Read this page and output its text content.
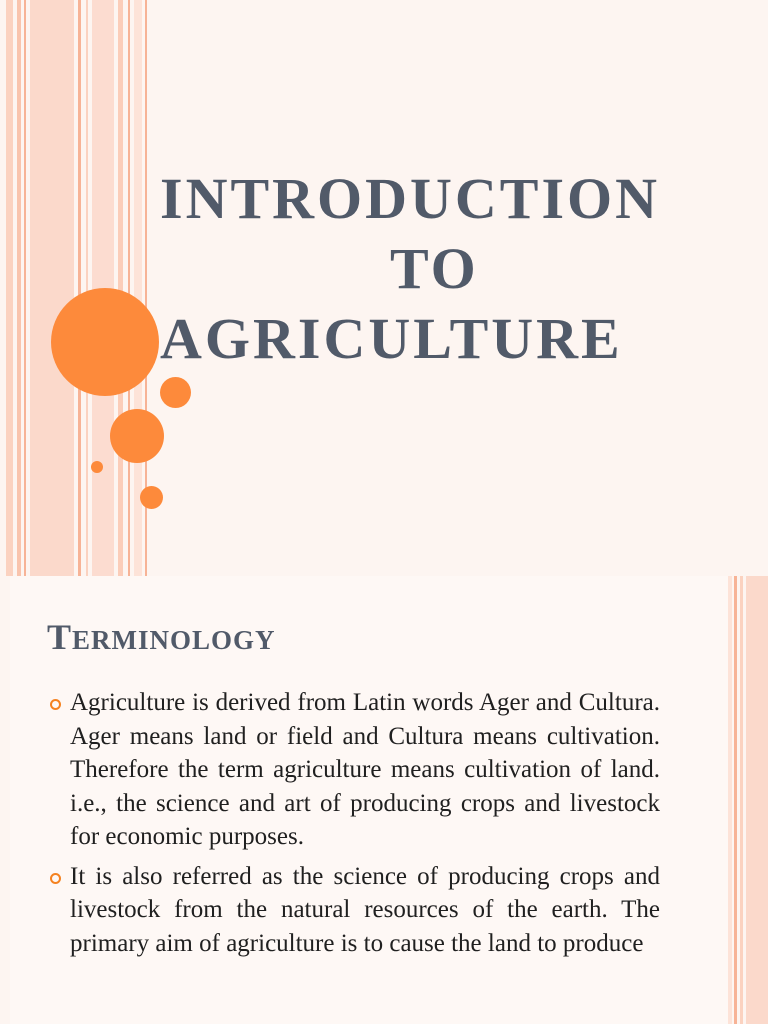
INTRODUCTION
TO
AGRICULTURE
TERMINOLOGY
Agriculture is derived from Latin words Ager and Cultura. Ager means land or field and Cultura means cultivation. Therefore the term agriculture means cultivation of land. i.e., the science and art of producing crops and livestock for economic purposes.
It is also referred as the science of producing crops and livestock from the natural resources of the earth. The primary aim of agriculture is to cause the land to produce
